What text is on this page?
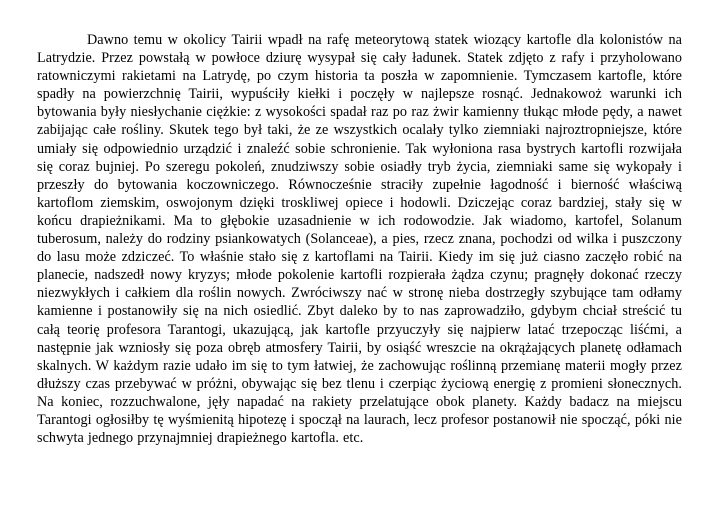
Dawno temu w okolicy Tairii wpadł na rafę meteorytową statek wiozący kartofle dla kolonistów na Latrydzie. Przez powstałą w powłoce dziurę wysypał się cały ładunek. Statek zdjęto z rafy i przyholowano ratowniczymi rakietami na Latrydę, po czym historia ta poszła w zapomnienie. Tymczasem kartofle, które spadły na powierzchnię Tairii, wypuściły kiełki i poczęły w najlepsze rosnąć. Jednakowoż warunki ich bytowania były niesłychanie ciężkie: z wysokości spadał raz po raz żwir kamienny tłukąc młode pędy, a nawet zabijając całe rośliny. Skutek tego był taki, że ze wszystkich ocalały tylko ziemniaki najroztropniejsze, które umiały się odpowiednio urządzić i znaleźć sobie schronienie. Tak wyłoniona rasa bystrych kartofli rozwijała się coraz bujniej. Po szeregu pokoleń, znudziwszy sobie osiadły tryb życia, ziemniaki same się wykopały i przeszły do bytowania koczowniczego. Równocześnie straciły zupełnie łagodność i bierność właściwą kartoflom ziemskim, oswojonym dzięki troskliwej opiece i hodowli. Dziczejąc coraz bardziej, stały się w końcu drapieżnikami. Ma to głębokie uzasadnienie w ich rodowodzie. Jak wiadomo, kartofel, Solanum tuberosum, należy do rodziny psiankowatych (Solanceae), a pies, rzecz znana, pochodzi od wilka i puszczony do lasu może zdziczeć. To właśnie stało się z kartoflami na Tairii. Kiedy im się już ciasno zaczęło robić na planecie, nadszedł nowy kryzys; młode pokolenie kartofli rozpierała żądza czynu; pragnęły dokonać rzeczy niezwykłych i całkiem dla roślin nowych. Zwróciwszy nać w stronę nieba dostrzegły szybujące tam odłamy kamienne i postanowiły się na nich osiedlić. Zbyt daleko by to nas zaprowadziło, gdybym chciał streścić tu całą teorię profesora Tarantogi, ukazującą, jak kartofle przyuczyły się najpierw latać trzepocząc liśćmi, a następnie jak wzniosły się poza obręb atmosfery Tairii, by osiąść wreszcie na okrążających planetę odłamach skalnych. W każdym razie udało im się to tym łatwiej, że zachowując roślinną przemianę materii mogły przez dłuższy czas przebywać w próżni, obywając się bez tlenu i czerpiąc życiową energię z promieni słonecznych. Na koniec, rozzuchwalone, jęły napadać na rakiety przelatujące obok planety. Każdy badacz na miejscu Tarantogi ogłosiłby tę wyśmienitą hipotezę i spoczął na laurach, lecz profesor postanowił nie spocząć, póki nie schwyta jednego przynajmniej drapieżnego kartofla. etc.
